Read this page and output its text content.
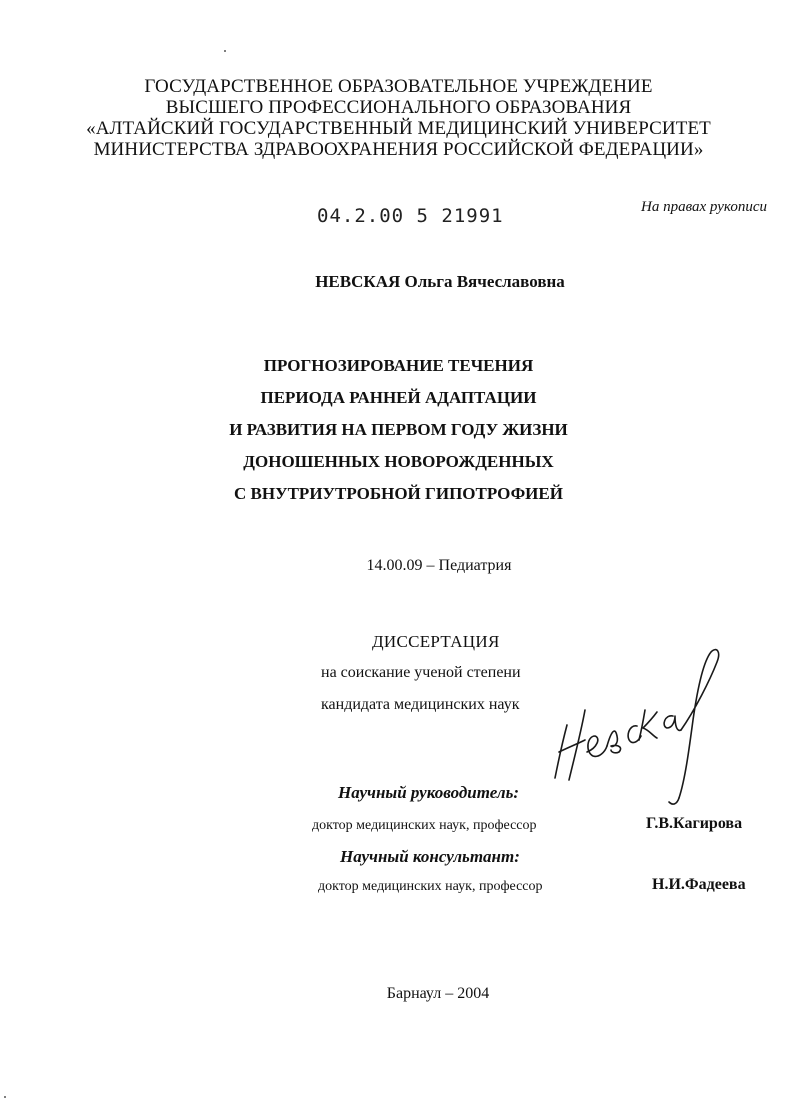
ГОСУДАРСТВЕННОЕ ОБРАЗОВАТЕЛЬНОЕ УЧРЕЖДЕНИЕ
ВЫСШЕГО ПРОФЕССИОНАЛЬНОГО ОБРАЗОВАНИЯ
«АЛТАЙСКИЙ ГОСУДАРСТВЕННЫЙ МЕДИЦИНСКИЙ УНИВЕРСИТЕТ
МИНИСТЕРСТВА ЗДРАВООХРАНЕНИЯ РОССИЙСКОЙ ФЕДЕРАЦИИ»
04.2.00 5 21991	На правах рукописи
НЕВСКАЯ Ольга Вячеславовна
ПРОГНОЗИРОВАНИЕ ТЕЧЕНИЯ
ПЕРИОДА РАННЕЙ АДАПТАЦИИ
И РАЗВИТИЯ НА ПЕРВОМ ГОДУ ЖИЗНИ
ДОНОШЕННЫХ НОВОРОЖДЕННЫХ
С ВНУТРИУТРОБНОЙ ГИПОТРОФИЕЙ
14.00.09 – Педиатрия
ДИССЕРТАЦИЯ
на соискание ученой степени
кандидата медицинских наук
Научный руководитель:
доктор медицинских наук, профессор	Г.В.Кагирова
Научный консультант:
доктор медицинских наук, профессор	Н.И.Фадеева
Барнаул – 2004
